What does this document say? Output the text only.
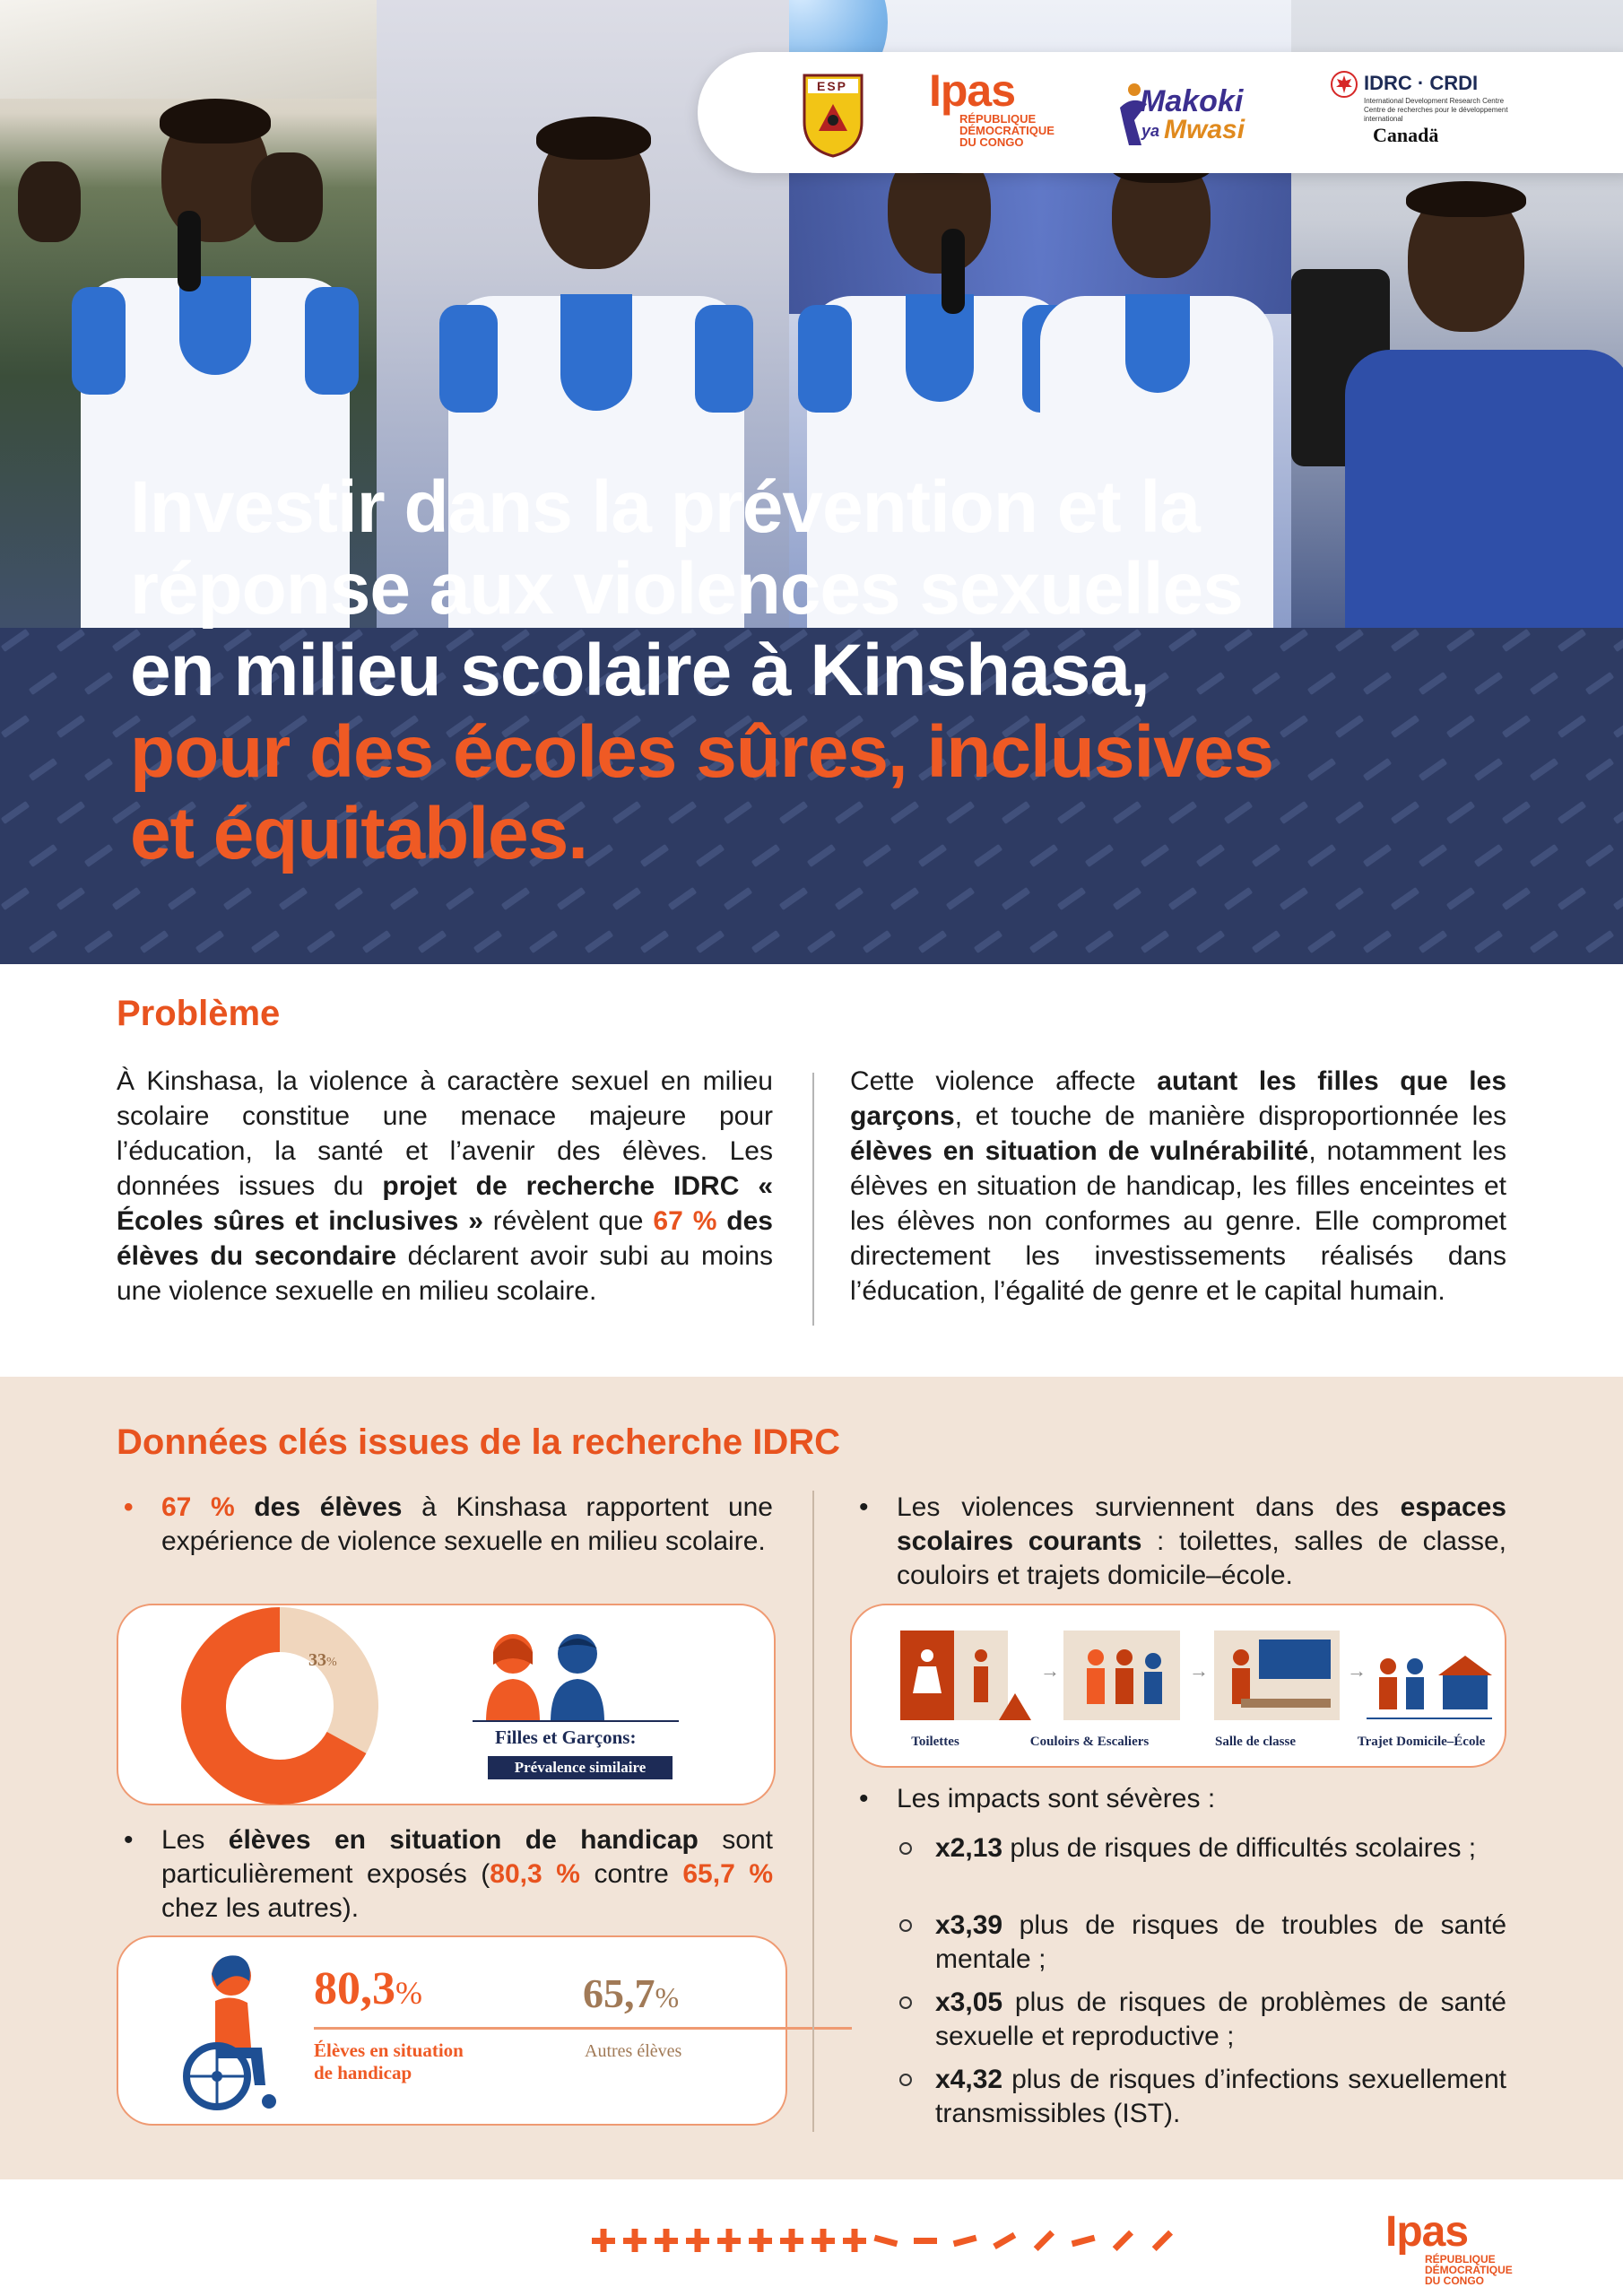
ESP Ipas
RÉPUBLIQUE
DÉMOCRATIQUE
DU CONGO
Makoki
ya Mwasi
IDRC · CRDI
International Development Research Centre Centre de recherches pour le développement international
Canadä
Investir dans la prévention et la
réponse aux violences sexuelles
en milieu scolaire à Kinshasa,
pour des écoles sûres, inclusives
et équitables.
Problème

À Kinshasa, la violence à caractère sexuel en milieu scolaire constitue une menace majeure pour l’éducation, la santé et l’avenir des élèves. Les données issues du projet de recherche IDRC « Écoles sûres et inclusives » révèlent que 67 % des élèves du secondaire déclarent avoir subi au moins une violence sexuelle en milieu scolaire.

Cette violence affecte autant les filles que les garçons, et touche de manière disproportionnée les élèves en situation de vulnérabilité, notamment les élèves en situation de handicap, les filles enceintes et les élèves non conformes au genre. Elle compromet directement les investissements réalisés dans l’éducation, l’égalité de genre et le capital humain.

Données clés issues de la recherche IDRC
• 67 % des élèves à Kinshasa rapportent une expérience de violence sexuelle en milieu scolaire.
67%
des eleves
33%
Filles et Garçons:
Prévalence similaire
• Les élèves en situation de handicap sont particulièrement exposés (80,3 % contre 65,7 % chez les autres).
80,3%
Élèves en situation
de handicap
65,7%
Autres élèves
• Les violences surviennent dans des espaces scolaires courants : toilettes, salles de classe, couloirs et trajets domicile–école.
→	→	→
Toilettes	Couloirs & Escaliers	Salle de classe	Trajet Domicile–École
• Les impacts sont sévères :
x2,13 plus de risques de difficultés scolaires ;
x3,39 plus de risques de troubles de santé mentale ;
x3,05 plus de risques de problèmes de santé sexuelle et reproductive ;
x4,32 plus de risques d’infections sexuellement transmissibles (IST).
Ipas
RÉPUBLIQUE
DÉMOCRATIQUE
DU CONGO
